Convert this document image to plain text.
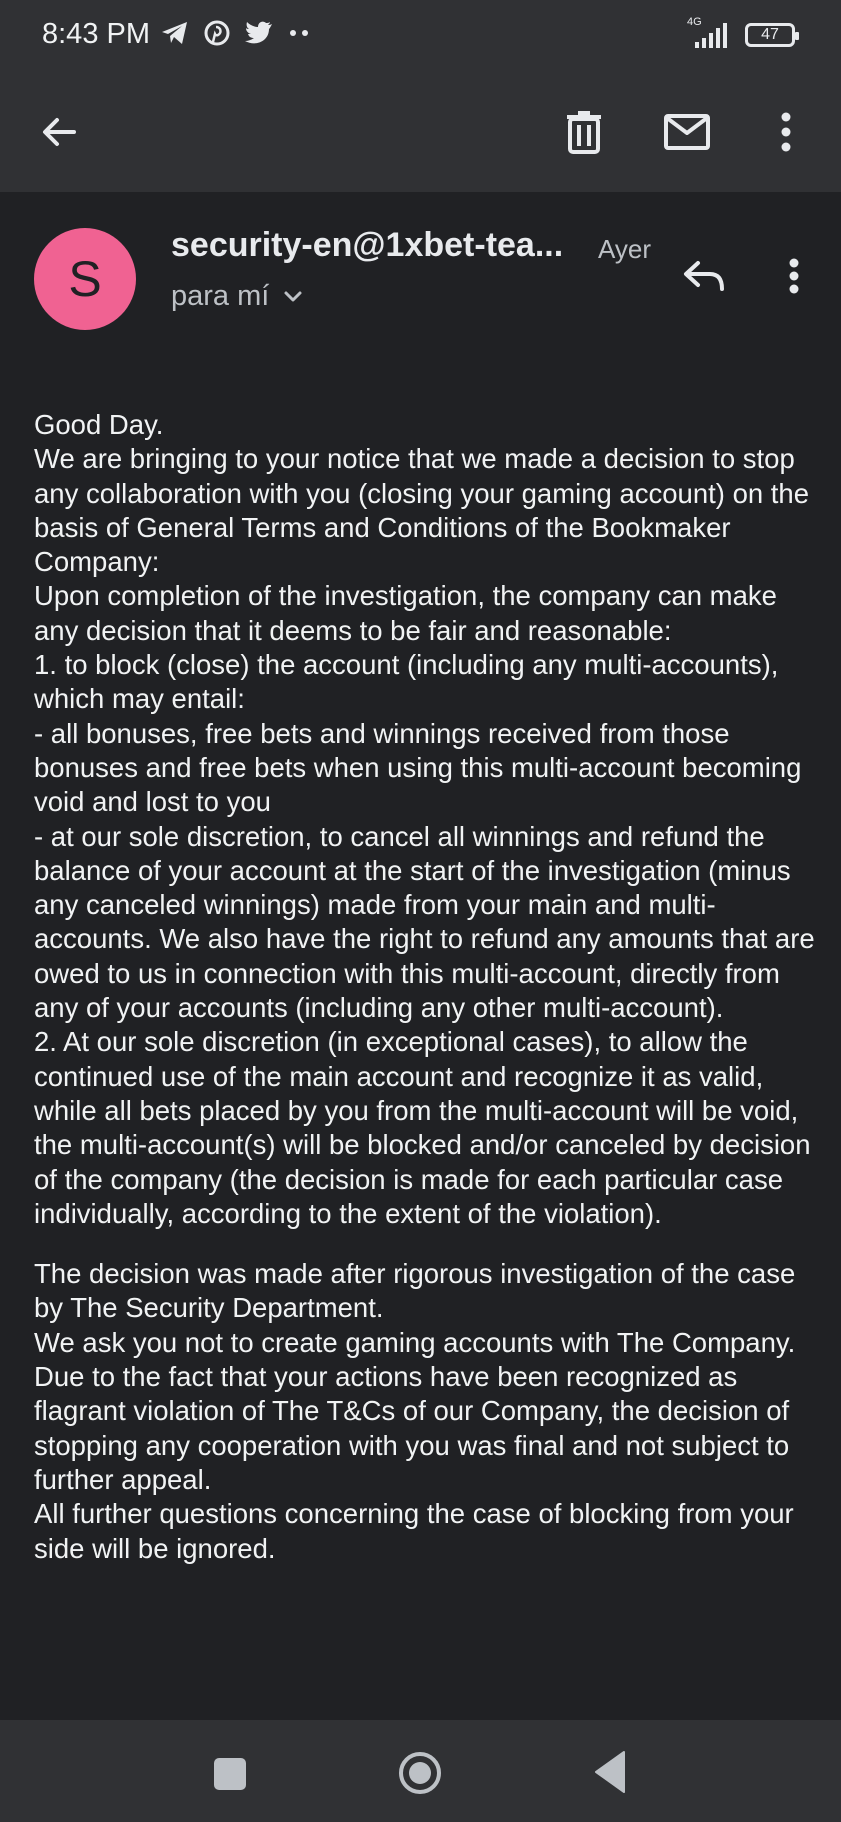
8:43 PM	4G
47
S
security-en@1xbet-tea... Ayer
para mí

Good Day.

We are bringing to your notice that we made a decision to stop any collaboration with you (closing your gaming account) on the basis of General Terms and Conditions of the Bookmaker Company:

Upon completion of the investigation, the company can make any decision that it deems to be fair and reasonable:

1. to block (close) the account (including any multi-accounts), which may entail:

- all bonuses, free bets and winnings received from those bonuses and free bets when using this multi-account becoming void and lost to you

- at our sole discretion, to cancel all winnings and refund the balance of your account at the start of the investigation (minus any canceled winnings) made from your main and multi-accounts. We also have the right to refund any amounts that are owed to us in connection with this multi-account, directly from any of your accounts (including any other multi-account).

2. At our sole discretion (in exceptional cases), to allow the continued use of the main account and recognize it as valid, while all bets placed by you from the multi-account will be void, the multi-account(s) will be blocked and/or canceled by decision of the company (the decision is made for each particular case individually, according to the extent of the violation).

The decision was made after rigorous investigation of the case by The Security Department.

We ask you not to create gaming accounts with The Company.

Due to the fact that your actions have been recognized as flagrant violation of The T&Cs of our Company, the decision of stopping any cooperation with you was final and not subject to further appeal.

All further questions concerning the case of blocking from your side will be ignored.
